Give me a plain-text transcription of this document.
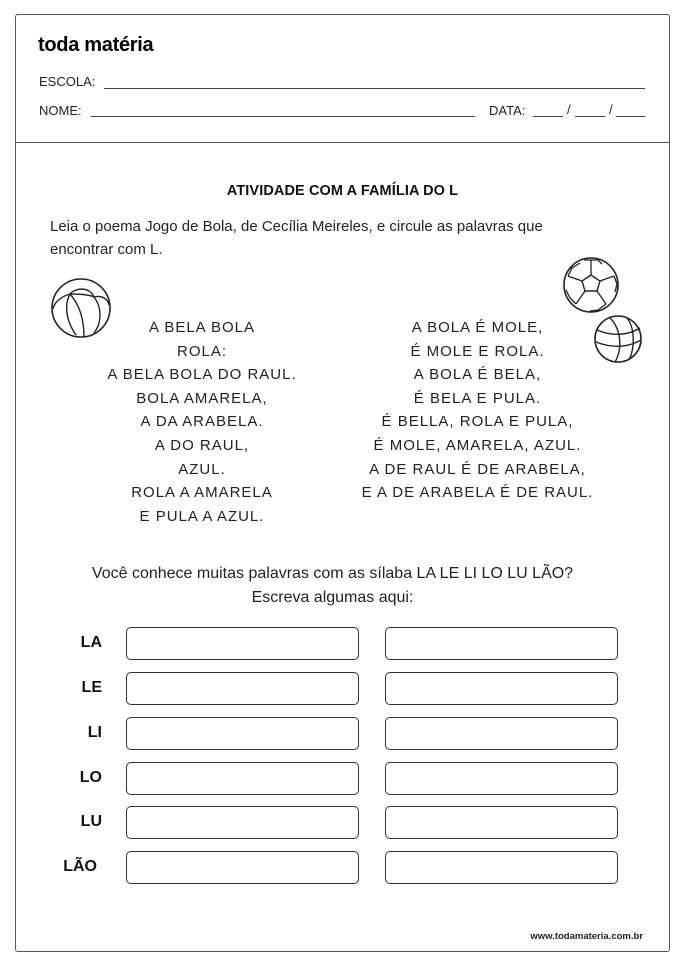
toda matéria
ESCOLA:
NOME:	DATA:	/	/
ATIVIDADE COM A FAMÍLIA DO L
Leia o poema Jogo de Bola, de Cecília Meireles, e circule as palavras que encontrar com L.
A BELA BOLA
ROLA:
A BELA BOLA DO RAUL.
BOLA AMARELA,
A DA ARABELA.
A DO RAUL,
AZUL.
ROLA A AMARELA
E PULA A AZUL.
A BOLA É MOLE,
É MOLE E ROLA.
A BOLA É BELA,
É BELA E PULA.
É BELLA, ROLA E PULA,
É MOLE, AMARELA, AZUL.
A DE RAUL É DE ARABELA,
E A DE ARABELA É DE RAUL.
Você conhece muitas palavras com as sílaba LA LE LI LO LU LÃO?
Escreva algumas aqui:
LA
LE
LI
LO
LU
LÃO
www.todamateria.com.br
